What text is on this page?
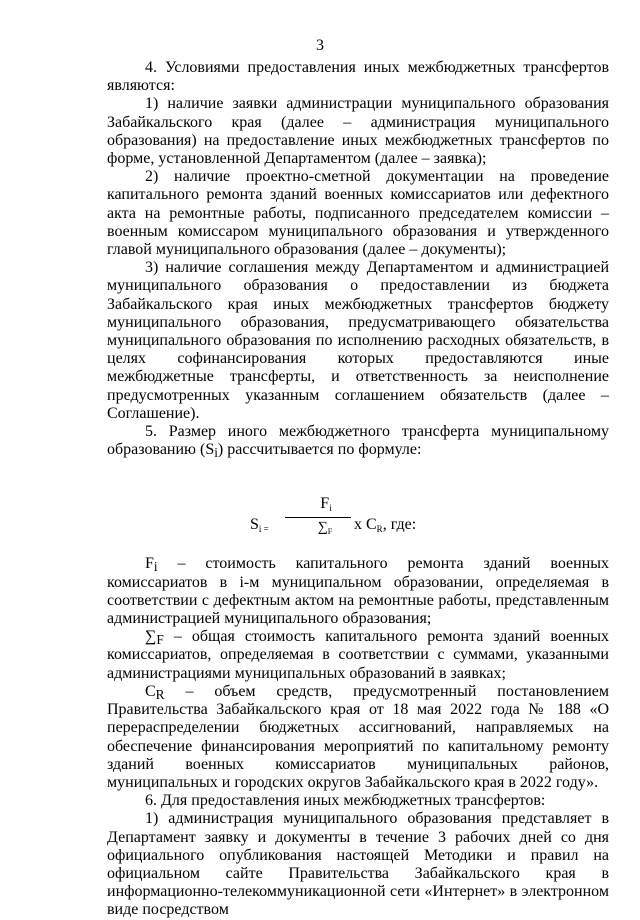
3

4. Условиями предоставления иных межбюджетных трансфертов являются:

1) наличие заявки администрации муниципального образования Забайкальского края (далее – администрация муниципального образования) на предоставление иных межбюджетных трансфертов по форме, установленной Департаментом (далее – заявка);

2) наличие проектно-сметной документации на проведение капитального ремонта зданий военных комиссариатов или дефектного акта на ремонтные работы, подписанного председателем комиссии – военным комиссаром муниципального образования и утвержденного главой муниципального образования (далее – документы);

3) наличие соглашения между Департаментом и администрацией муниципального образования о предоставлении из бюджета Забайкальского края иных межбюджетных трансфертов бюджету муниципального образования, предусматривающего обязательства муниципального образования по исполнению расходных обязательств, в целях софинансирования которых предоставляются иные межбюджетные трансферты, и ответственность за неисполнение предусмотренных указанным соглашением обязательств (далее – Соглашение).

5. Размер иного межбюджетного трансферта муниципальному образованию $(S_i)$ рассчитывается по формуле:

$S_{i =}$
$F_i$
$\sum_F$	x $C_R$, где:

$F_i$ – стоимость капитального ремонта зданий военных комиссариатов в i-м муниципальном образовании, определяемая в соответствии с дефектным актом на ремонтные работы, представленным администрацией муниципального образования;

$\sum_F$ – общая стоимость капитального ремонта зданий военных комиссариатов, определяемая в соответствии с суммами, указанными администрациями муниципальных образований в заявках;

$C_R$ – объем средств, предусмотренный постановлением Правительства Забайкальского края от 18 мая 2022 года № 188 «О перераспределении бюджетных ассигнований, направляемых на обеспечение финансирования мероприятий по капитальному ремонту зданий военных комиссариатов муниципальных районов, муниципальных и городских округов Забайкальского края в 2022 году».

6. Для предоставления иных межбюджетных трансфертов:

1) администрация муниципального образования представляет в Департамент заявку и документы в течение 3 рабочих дней со дня официального опубликования настоящей Методики и правил на официальном сайте Правительства Забайкальского края в информационно-телекоммуникационной сети «Интернет» в электронном виде посредством
